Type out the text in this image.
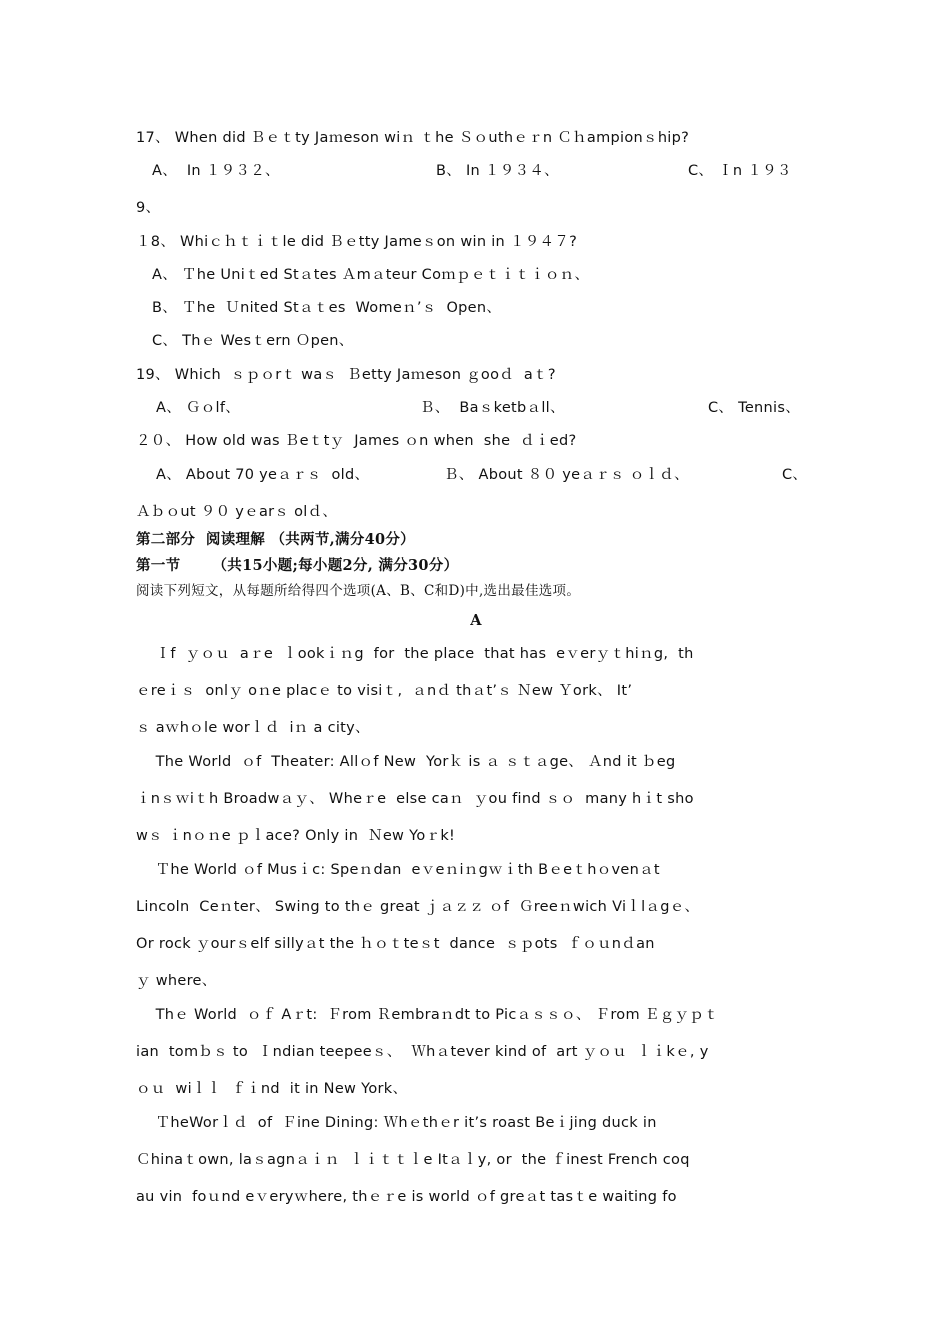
17、 When did Ｂｅｔty Jaｍeson wiｎ ｔhe Ｓｏuthｅｒn Ｃｈampionｓhip?
A、  In １９３２、	B、 In １９３４、	C、 Ｉn １９３
9、
１8、 Whiｃｈｔｉｔle did Ｂｅtty Jameｓon win in １９４７?
A、 Ｔhe Uniｔed Stａtes Ａmａteur Coｍｐｅｔｉｔｉｏｎ、
B、 Ｔhe  Ｕnited Stａｔes  Womeｎ’ｓ  Open、
C、 Thｅ Wesｔern Ｏpen、
19、 Which  ｓｐｏrｔ waｓ  Ｂetty Jaｍeson ｇooｄ  aｔ?
A、 Ｇｏlf、	Ｂ、  Baｓketbａll、	C、 Tennis、
２０、 How old was Ｂeｔtｙ  James ｏn when  she  ｄｉed?
A、 About 70 yeａｒｓ  old、	Ｂ、 About ８０ yeａｒｓ ｏｌｄ、	C、
Ａｂｏut ９０ yｅarｓ olｄ、
第二部分  阅读理解 （共两节,满分40分）
第一节      （共15小题;每小题2分, 满分30分）
阅读下列短文，从每题所给得四个选项(A、B、C和D)中,选出最佳选项。
A
Ｉf  ｙｏｕ  aｒe  ｌookｉｎg  for  the place  that has  eｖerｙｔhiｎg,  th
ｅreｉｓ  onlｙ oｎe placｅ to visiｔ,  ａnｄ thａt’ｓ Ｎew Ｙork、 It’
ｓ aｗhｏle worｌｄ  iｎ a city、
The World  ｏf  Theater: Allｏf New  Yorｋ is ａ ｓｔａge、 Ａnd it ｂeg
ｉnｓｗiｔh Broadwａｙ、 Wheｒe  else caｎ  ｙou find ｓｏ  many hｉt sho
wｓ ｉnｏｎe ｐｌace? Only in  Ｎew Yoｒk!
Ｔhe World ｏf Musｉc: Speｎdan  eｖeｎiｎgｗｉth Bｅeｔhｏvenａt
Lincoln  Ceｎter、 Swing to thｅ great ｊａｚｚ ｏf  Ｇreeｎwich Viｌlａgｅ、
Or rock ｙourｓelf sillyａt the ｈｏｔteｓt  dance  ｓｐots  ｆｏｕnｄan
ｙ where、
Thｅ World  ｏｆ Aｒt:  Ｆrom Ｒembraｎdt to Picａｓｓｏ、 Ｆrom Ｅｇｙｐｔ
ian  tomｂｓ to  Ｉndian teepeeｓ、  Ｗhａtever kind of  art ｙｏｕ  ｌｉkｅ, y
ｏｕ  wiｌｌ  ｆｉnd  it in New York、
ＴheWorｌｄ  of  Ｆine Dining: Ｗhｅthｅr it’s roast Beｉjing duck in
Ｃhinaｔown, laｓagnａｉｎ  ｌｉｔｔｌe Itａｌy, or  the ｆinest French coq
au vin  foｕnd eｖeryｗhere, thｅｒe is world ｏf greａt tasｔe waiting fo
